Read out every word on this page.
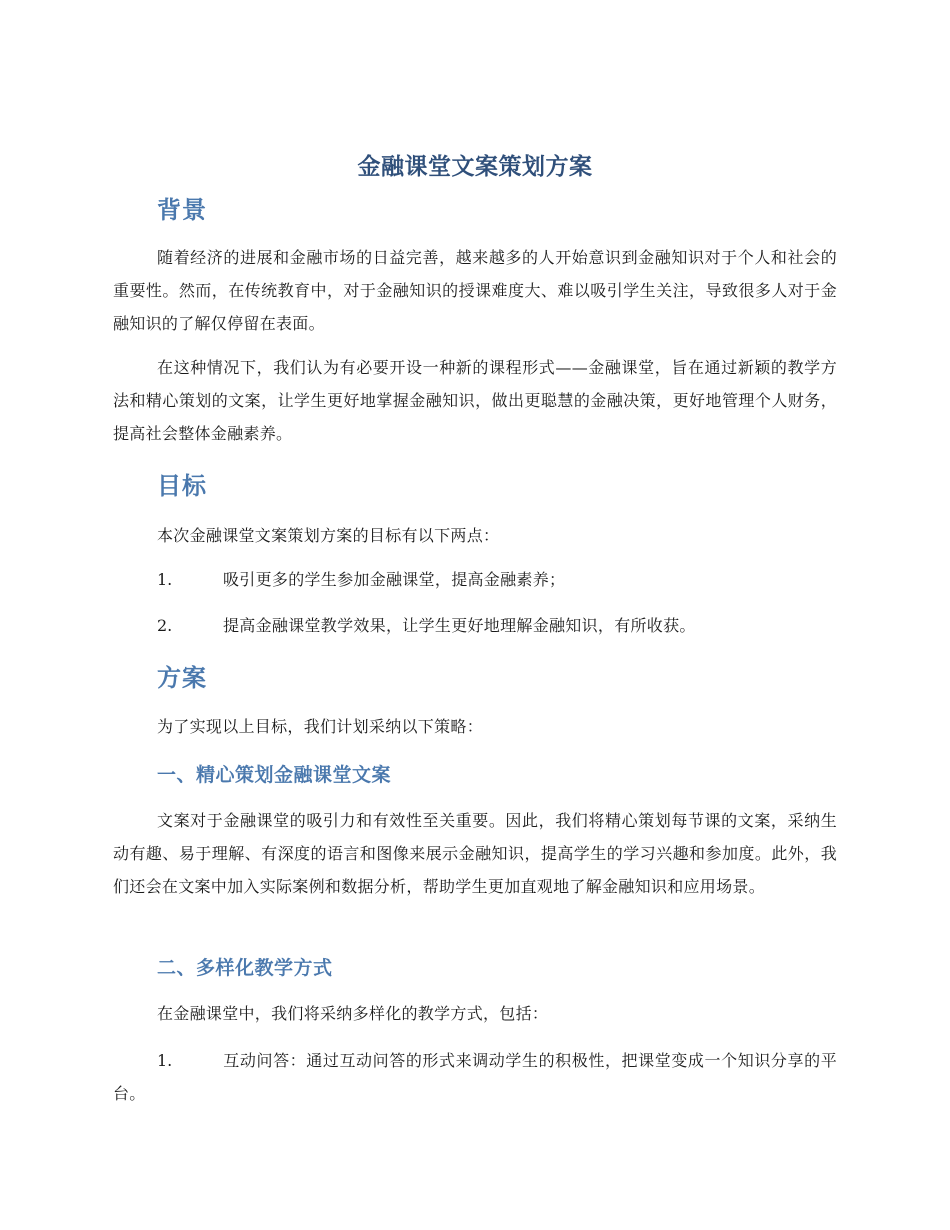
金融课堂文案策划方案
背景
随着经济的进展和金融市场的日益完善，越来越多的人开始意识到金融知识对于个人和社会的重要性。然而，在传统教育中，对于金融知识的授课难度大、难以吸引学生关注，导致很多人对于金融知识的了解仅停留在表面。
在这种情况下，我们认为有必要开设一种新的课程形式——金融课堂，旨在通过新颖的教学方法和精心策划的文案，让学生更好地掌握金融知识，做出更聪慧的金融决策，更好地管理个人财务，提高社会整体金融素养。
目标
本次金融课堂文案策划方案的目标有以下两点：
1.	吸引更多的学生参加金融课堂，提高金融素养；
2.	提高金融课堂教学效果，让学生更好地理解金融知识，有所收获。
方案
为了实现以上目标，我们计划采纳以下策略：
一、精心策划金融课堂文案
文案对于金融课堂的吸引力和有效性至关重要。因此，我们将精心策划每节课的文案，采纳生动有趣、易于理解、有深度的语言和图像来展示金融知识，提高学生的学习兴趣和参加度。此外，我们还会在文案中加入实际案例和数据分析，帮助学生更加直观地了解金融知识和应用场景。
二、多样化教学方式
在金融课堂中，我们将采纳多样化的教学方式，包括：
1.	互动问答：通过互动问答的形式来调动学生的积极性，把课堂变成一个知识分享的平台。
